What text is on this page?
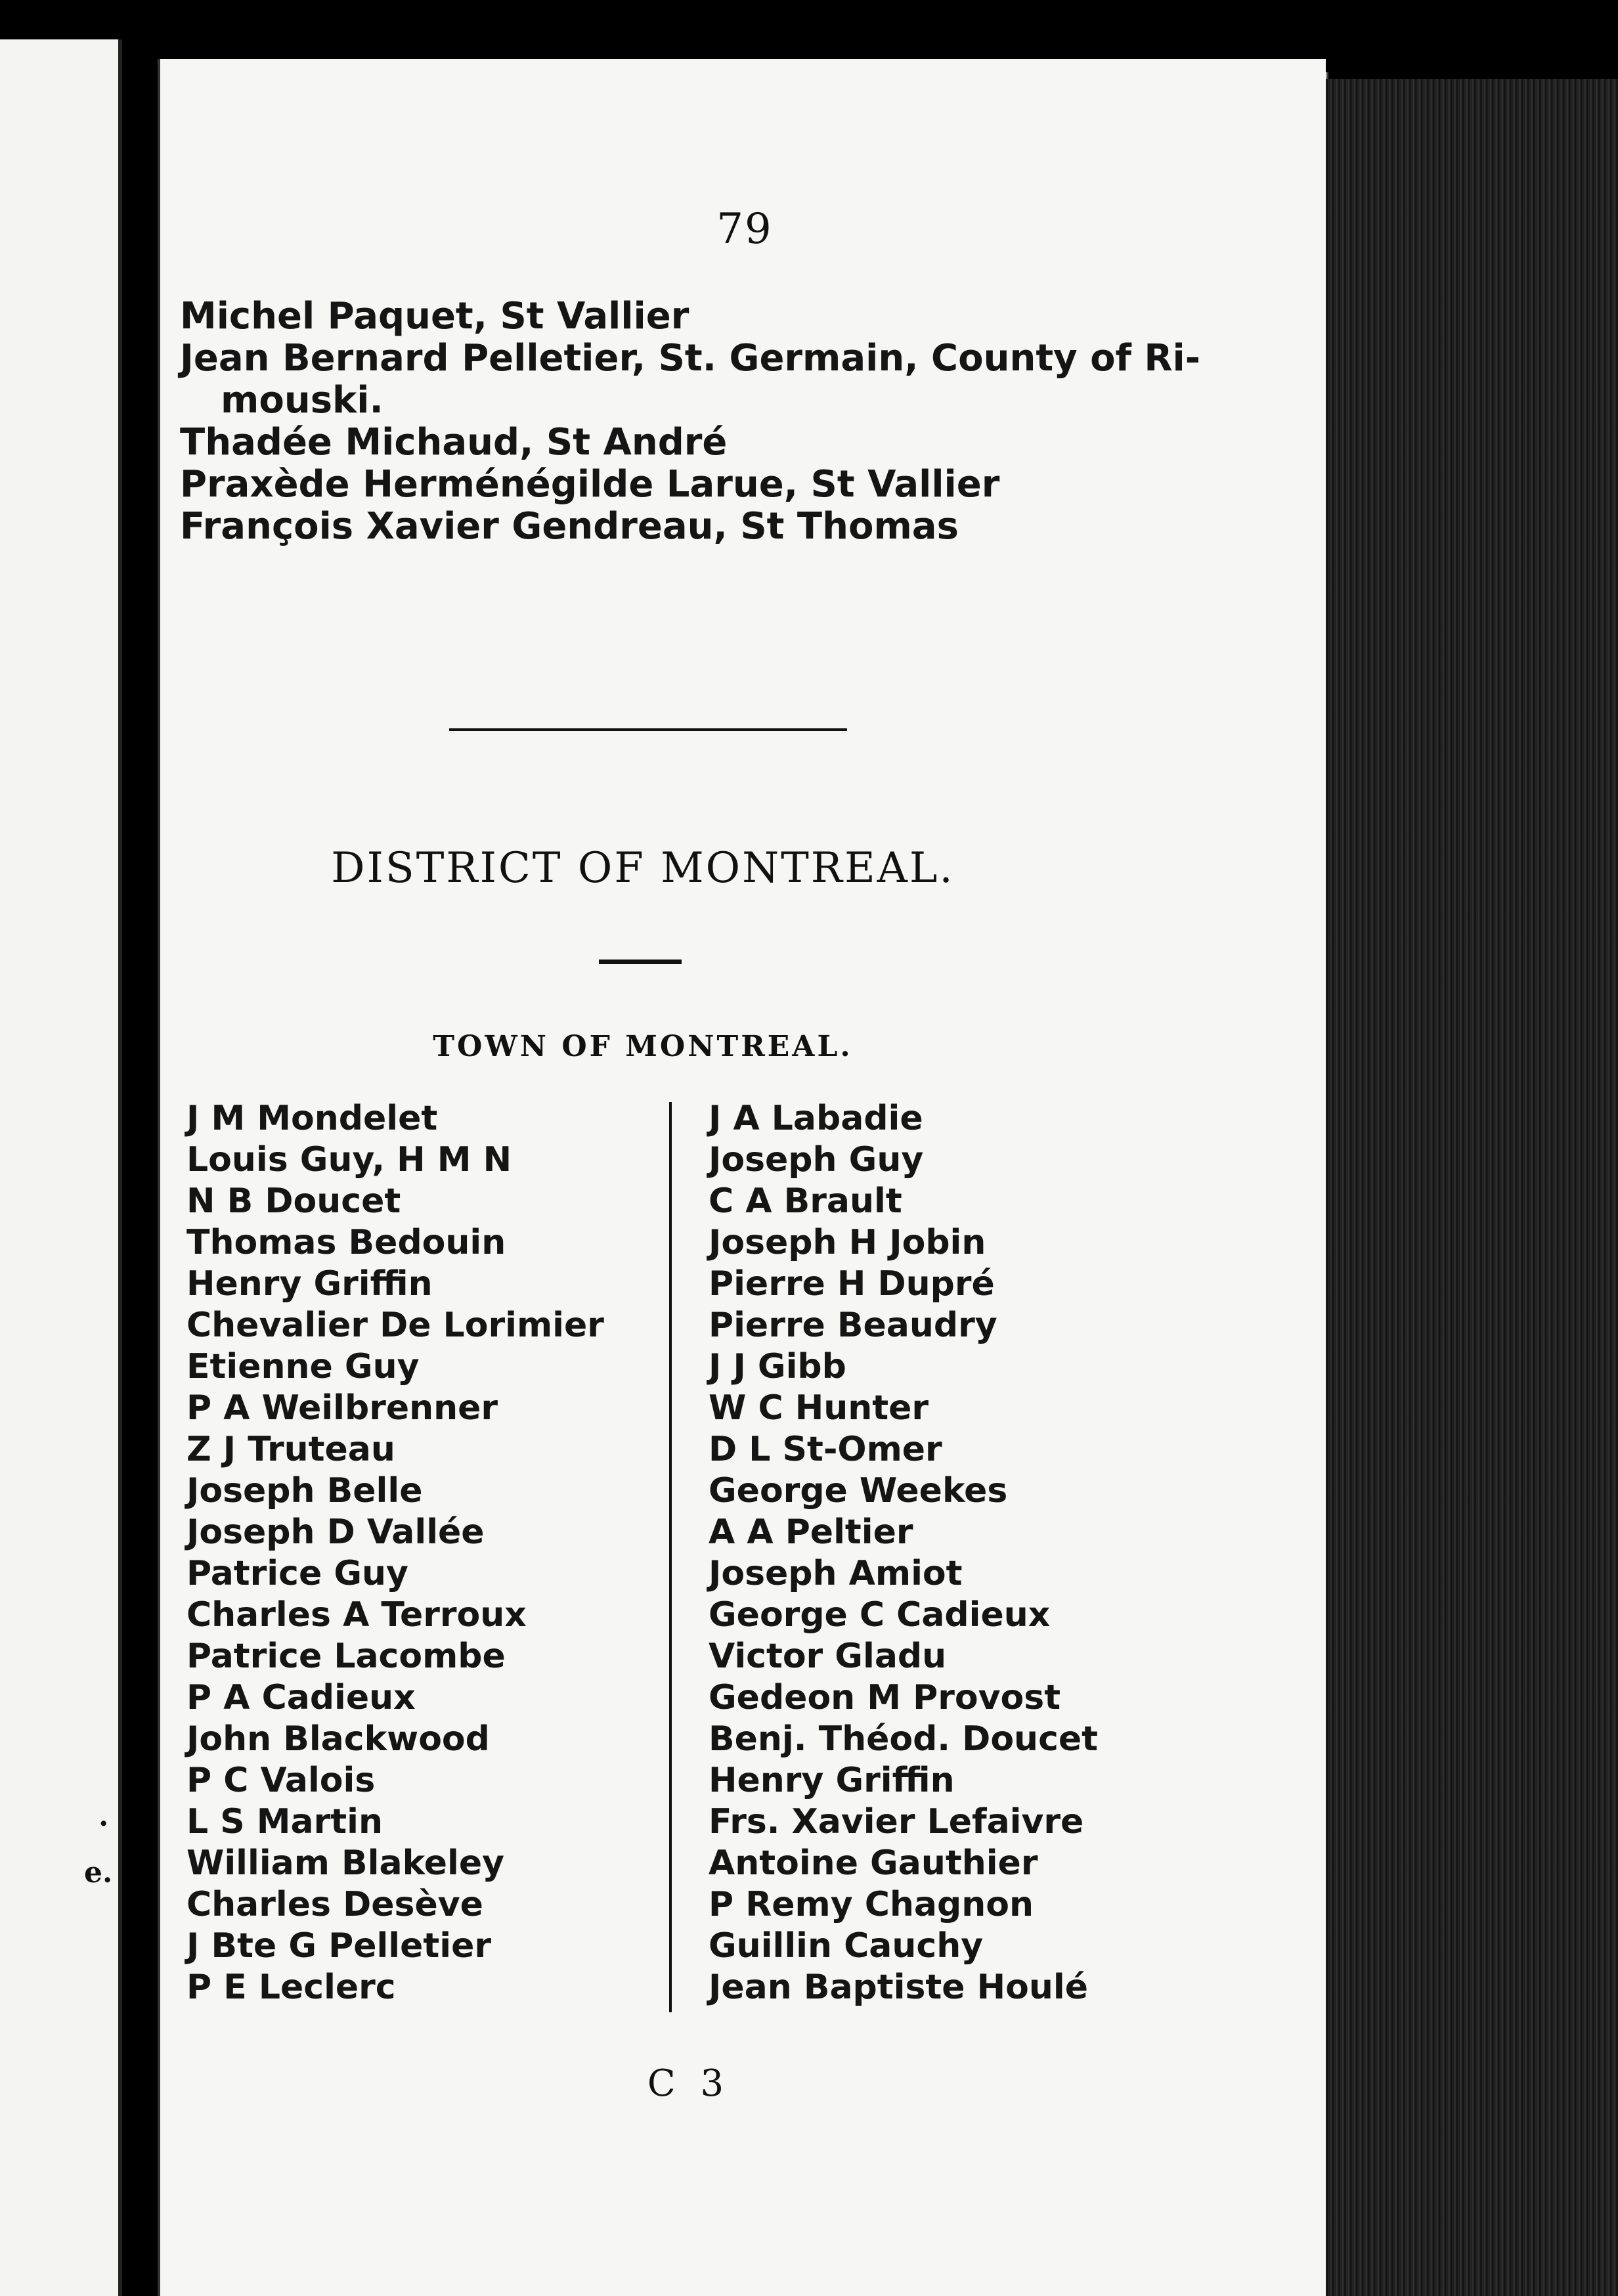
.
e.
79
Michel Paquet, St Vallier
Jean Bernard Pelletier, St. Germain, County of Ri-
mouski.
Thadée Michaud, St André
Praxède Herménégilde Larue, St Vallier
François Xavier Gendreau, St Thomas
DISTRICT OF MONTREAL.
TOWN OF MONTREAL.
J M Mondelet
Louis Guy, H M N
N B Doucet
Thomas Bedouin
Henry Griffin
Chevalier De Lorimier
Etienne Guy
P A Weilbrenner
Z J Truteau
Joseph Belle
Joseph D Vallée
Patrice Guy
Charles A Terroux
Patrice Lacombe
P A Cadieux
John Blackwood
P C Valois
L S Martin
William Blakeley
Charles Desève
J Bte G Pelletier
P E Leclerc
J A Labadie
Joseph Guy
C A Brault
Joseph H Jobin
Pierre H Dupré
Pierre Beaudry
J J Gibb
W C Hunter
D L St-Omer
George Weekes
A A Peltier
Joseph Amiot
George C Cadieux
Victor Gladu
Gedeon M Provost
Benj. Théod. Doucet
Henry Griffin
Frs. Xavier Lefaivre
Antoine Gauthier
P Remy Chagnon
Guillin Cauchy
Jean Baptiste Houlé
C 3
